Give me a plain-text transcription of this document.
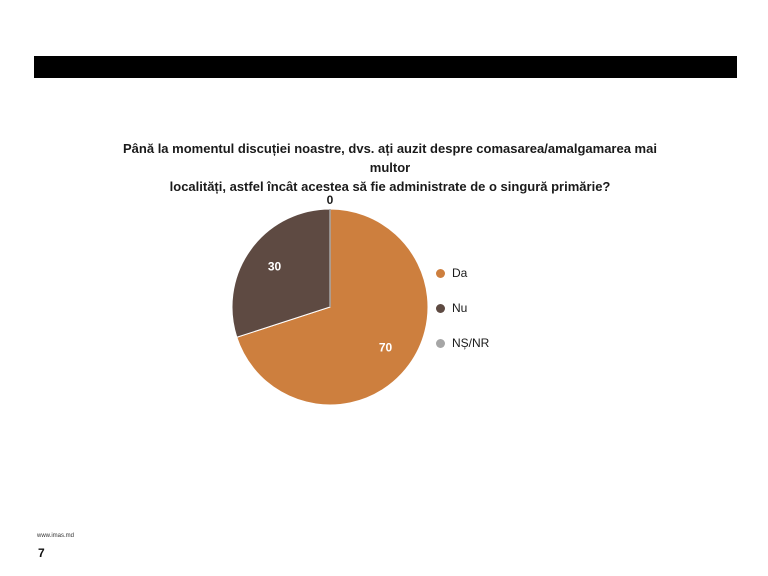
Până la momentul discuției noastre, dvs. ați auzit despre comasarea/amalgamarea mai multor
localități, astfel încât acestea să fie administrate de o singură primărie?
70
30
0
Da
Nu
NȘ/NR
www.imas.md
7
